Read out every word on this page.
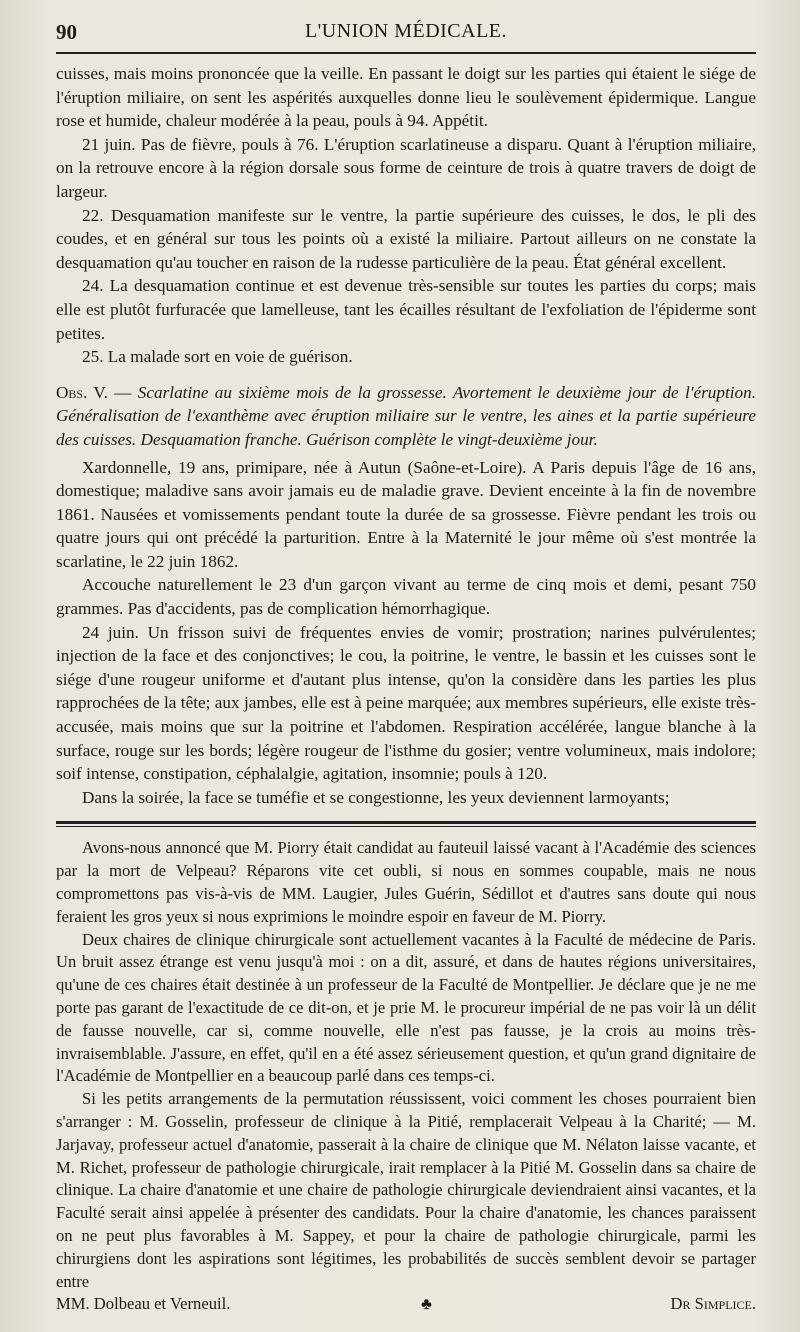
90	L'UNION MÉDICALE.

cuisses, mais moins prononcée que la veille. En passant le doigt sur les parties qui étaient le siége de l'éruption miliaire, on sent les aspérités auxquelles donne lieu le soulèvement épidermique. Langue rose et humide, chaleur modérée à la peau, pouls à 94. Appétit.

21 juin. Pas de fièvre, pouls à 76. L'éruption scarlatineuse a disparu. Quant à l'éruption miliaire, on la retrouve encore à la région dorsale sous forme de ceinture de trois à quatre travers de doigt de largeur.

22. Desquamation manifeste sur le ventre, la partie supérieure des cuisses, le dos, le pli des coudes, et en général sur tous les points où a existé la miliaire. Partout ailleurs on ne constate la desquamation qu'au toucher en raison de la rudesse particulière de la peau. État général excellent.

24. La desquamation continue et est devenue très-sensible sur toutes les parties du corps; mais elle est plutôt furfuracée que lamelleuse, tant les écailles résultant de l'exfoliation de l'épiderme sont petites.

25. La malade sort en voie de guérison.

Obs. V. — Scarlatine au sixième mois de la grossesse. Avortement le deuxième jour de l'éruption. Généralisation de l'exanthème avec éruption miliaire sur le ventre, les aines et la partie supérieure des cuisses. Desquamation franche. Guérison complète le vingt-deuxième jour.

Xardonnelle, 19 ans, primipare, née à Autun (Saône-et-Loire). A Paris depuis l'âge de 16 ans, domestique; maladive sans avoir jamais eu de maladie grave. Devient enceinte à la fin de novembre 1861. Nausées et vomissements pendant toute la durée de sa grossesse. Fièvre pendant les trois ou quatre jours qui ont précédé la parturition. Entre à la Maternité le jour même où s'est montrée la scarlatine, le 22 juin 1862.

Accouche naturellement le 23 d'un garçon vivant au terme de cinq mois et demi, pesant 750 grammes. Pas d'accidents, pas de complication hémorrhagique.

24 juin. Un frisson suivi de fréquentes envies de vomir; prostration; narines pulvérulentes; injection de la face et des conjonctives; le cou, la poitrine, le ventre, le bassin et les cuisses sont le siége d'une rougeur uniforme et d'autant plus intense, qu'on la considère dans les parties les plus rapprochées de la tête; aux jambes, elle est à peine marquée; aux membres supérieurs, elle existe très-accusée, mais moins que sur la poitrine et l'abdomen. Respiration accélérée, langue blanche à la surface, rouge sur les bords; légère rougeur de l'isthme du gosier; ventre volumineux, mais indolore; soif intense, constipation, céphalalgie, agitation, insomnie; pouls à 120.

Dans la soirée, la face se tuméfie et se congestionne, les yeux deviennent larmoyants;

Avons-nous annoncé que M. Piorry était candidat au fauteuil laissé vacant à l'Académie des sciences par la mort de Velpeau? Réparons vite cet oubli, si nous en sommes coupable, mais ne nous compromettons pas vis-à-vis de MM. Laugier, Jules Guérin, Sédillot et d'autres sans doute qui nous feraient les gros yeux si nous exprimions le moindre espoir en faveur de M. Piorry.

Deux chaires de clinique chirurgicale sont actuellement vacantes à la Faculté de médecine de Paris. Un bruit assez étrange est venu jusqu'à moi : on a dit, assuré, et dans de hautes régions universitaires, qu'une de ces chaires était destinée à un professeur de la Faculté de Montpellier. Je déclare que je ne me porte pas garant de l'exactitude de ce dit-on, et je prie M. le procureur impérial de ne pas voir là un délit de fausse nouvelle, car si, comme nouvelle, elle n'est pas fausse, je la crois au moins très-invraisemblable. J'assure, en effet, qu'il en a été assez sérieusement question, et qu'un grand dignitaire de l'Académie de Montpellier en a beaucoup parlé dans ces temps-ci.

Si les petits arrangements de la permutation réussissent, voici comment les choses pourraient bien s'arranger : M. Gosselin, professeur de clinique à la Pitié, remplacerait Velpeau à la Charité; — M. Jarjavay, professeur actuel d'anatomie, passerait à la chaire de clinique que M. Nélaton laisse vacante, et M. Richet, professeur de pathologie chirurgicale, irait remplacer à la Pitié M. Gosselin dans sa chaire de clinique. La chaire d'anatomie et une chaire de pathologie chirurgicale deviendraient ainsi vacantes, et la Faculté serait ainsi appelée à présenter des candidats. Pour la chaire d'anatomie, les chances paraissent on ne peut plus favorables à M. Sappey, et pour la chaire de pathologie chirurgicale, parmi les chirurgiens dont les aspirations sont légitimes, les probabilités de succès semblent devoir se partager entre

MM. Dolbeau et Verneuil.	♣	Dr Simplice.
